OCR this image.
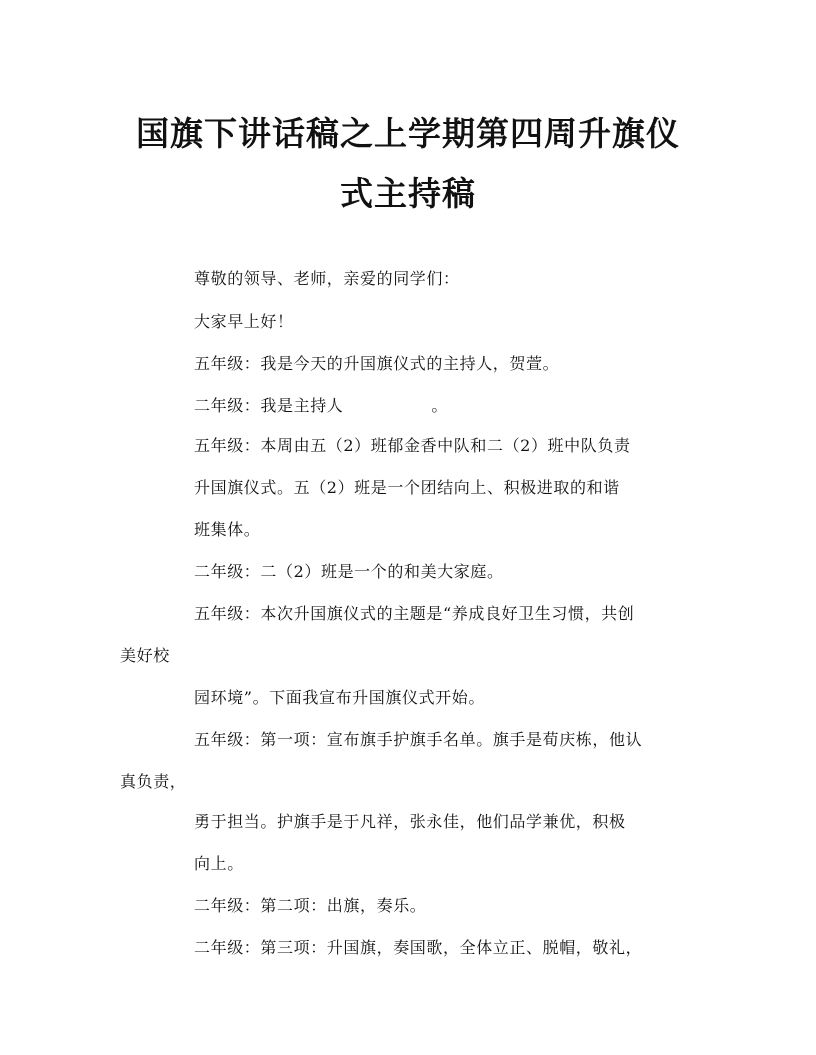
国旗下讲话稿之上学期第四周升旗仪
式主持稿
尊敬的领导、老师，亲爱的同学们：
大家早上好！
五年级：我是今天的升国旗仪式的主持人，贺萱。
二年级：我是主持人	。
五年级：本周由五（2）班郁金香中队和二（2）班中队负责
升国旗仪式。五（2）班是一个团结向上、积极进取的和谐
班集体。
二年级：二（2）班是一个的和美大家庭。
五年级：本次升国旗仪式的主题是“养成良好卫生习惯，共创
美好校
园环境”。下面我宣布升国旗仪式开始。
五年级：第一项：宣布旗手护旗手名单。旗手是荀庆栋，他认
真负责，
勇于担当。护旗手是于凡祥，张永佳，他们品学兼优，积极
向上。
二年级：第二项：出旗，奏乐。
二年级：第三项：升国旗，奏国歌，全体立正、脱帽，敬礼，
